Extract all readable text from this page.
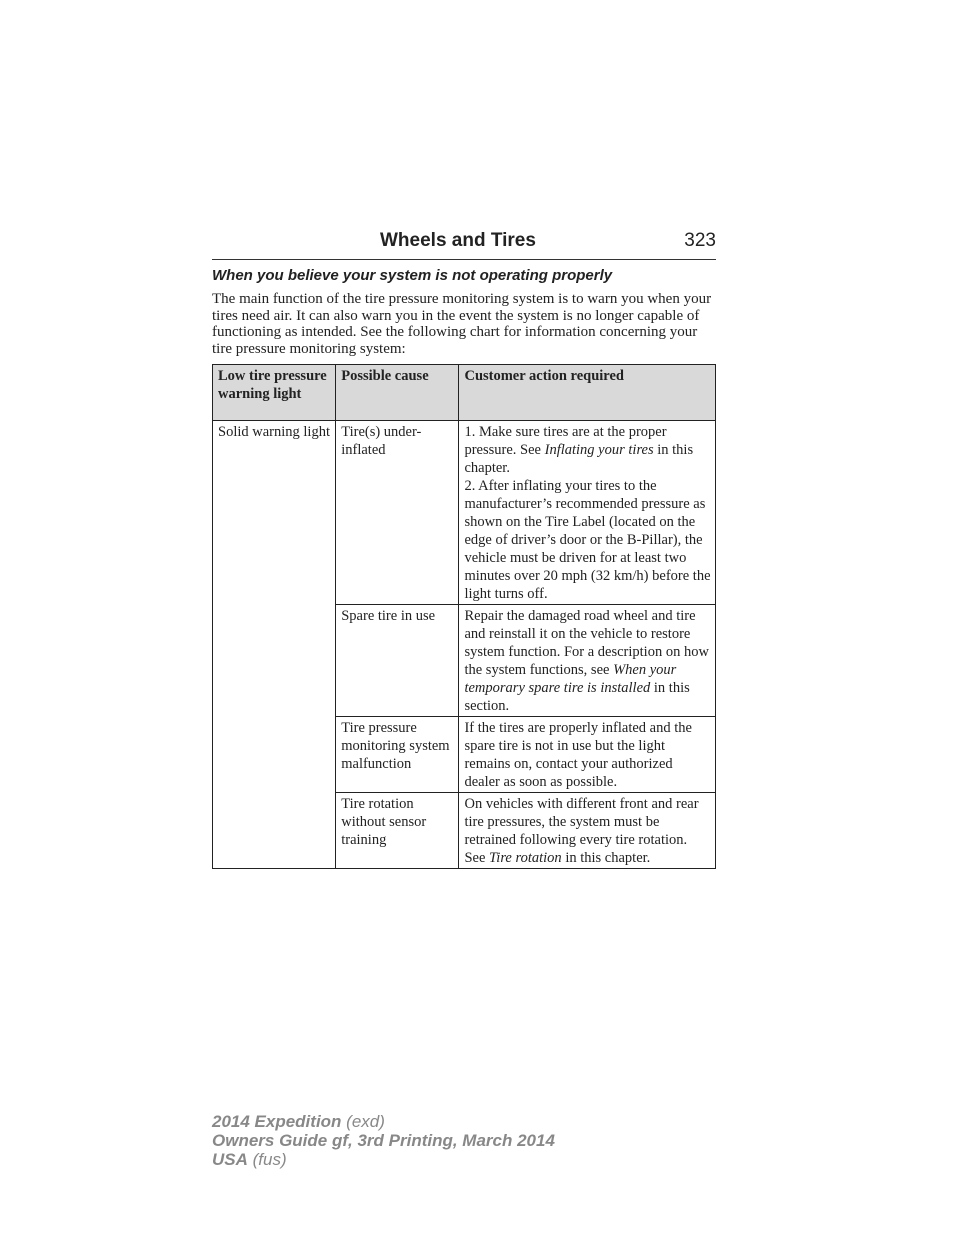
Wheels and Tires	323
When you believe your system is not operating properly
The main function of the tire pressure monitoring system is to warn you when your tires need air. It can also warn you in the event the system is no longer capable of functioning as intended. See the following chart for information concerning your tire pressure monitoring system:
Low tire pressure warning light	Possible cause	Customer action required
Solid warning light	Tire(s) under-inflated	1. Make sure tires are at the proper pressure. See Inflating your tires in this chapter.
2. After inflating your tires to the manufacturer’s recommended pressure as shown on the Tire Label (located on the edge of driver’s door or the B-Pillar), the vehicle must be driven for at least two minutes over 20 mph (32 km/h) before the light turns off.
	Spare tire in use	Repair the damaged road wheel and tire and reinstall it on the vehicle to restore system function. For a description on how the system functions, see When your temporary spare tire is installed in this section.
	Tire pressure monitoring system malfunction	If the tires are properly inflated and the spare tire is not in use but the light remains on, contact your authorized dealer as soon as possible.
	Tire rotation without sensor training	On vehicles with different front and rear tire pressures, the system must be retrained following every tire rotation. See Tire rotation in this chapter.
2014 Expedition (exd)
Owners Guide gf, 3rd Printing, March 2014
USA (fus)
